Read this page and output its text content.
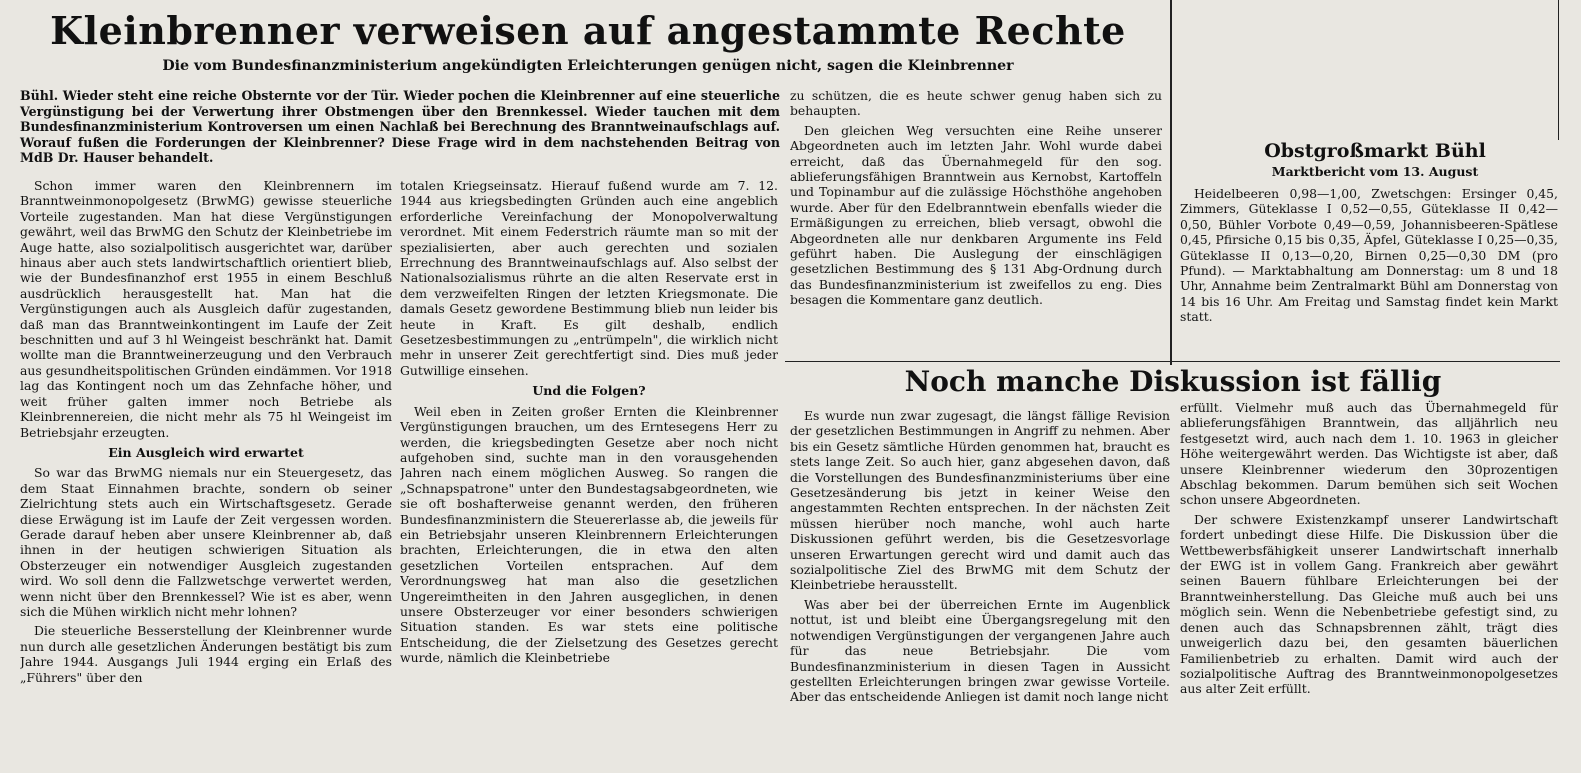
Kleinbrenner verweisen auf angestammte Rechte
Die vom Bundesfinanzministerium angekündigten Erleichterungen genügen nicht, sagen die Kleinbrenner
Bühl. Wieder steht eine reiche Obsternte vor der Tür. Wieder pochen die Kleinbrenner auf eine steuerliche Vergünstigung bei der Verwertung ihrer Obstmengen über den Brennkessel. Wieder tauchen mit dem Bundesfinanzministerium Kontroversen um einen Nachlaß bei Berechnung des Branntweinaufschlags auf. Worauf fußen die Forderungen der Kleinbrenner? Diese Frage wird in dem nachstehenden Beitrag von MdB Dr. Hauser behandelt.

Schon immer waren den Kleinbrennern im Branntweinmonopolgesetz (BrwMG) gewisse steuerliche Vorteile zugestanden. Man hat diese Vergünstigungen gewährt, weil das BrwMG den Schutz der Kleinbetriebe im Auge hatte, also sozialpolitisch ausgerichtet war, darüber hinaus aber auch stets landwirtschaftlich orientiert blieb, wie der Bundesfinanzhof erst 1955 in einem Beschluß ausdrücklich herausgestellt hat. Man hat die Vergünstigungen auch als Ausgleich dafür zugestanden, daß man das Branntweinkontingent im Laufe der Zeit beschnitten und auf 3 hl Weingeist beschränkt hat. Damit wollte man die Branntweinerzeugung und den Verbrauch aus gesundheitspolitischen Gründen eindämmen. Vor 1918 lag das Kontingent noch um das Zehnfache höher, und weit früher galten immer noch Betriebe als Kleinbrennereien, die nicht mehr als 75 hl Weingeist im Betriebsjahr erzeugten.

Ein Ausgleich wird erwartet

So war das BrwMG niemals nur ein Steuergesetz, das dem Staat Einnahmen brachte, sondern ob seiner Zielrichtung stets auch ein Wirtschaftsgesetz. Gerade diese Erwägung ist im Laufe der Zeit vergessen worden. Gerade darauf heben aber unsere Kleinbrenner ab, daß ihnen in der heutigen schwierigen Situation als Obsterzeuger ein notwendiger Ausgleich zugestanden wird. Wo soll denn die Fallzwetschge verwertet werden, wenn nicht über den Brennkessel? Wie ist es aber, wenn sich die Mühen wirklich nicht mehr lohnen?

Die steuerliche Besserstellung der Kleinbrenner wurde nun durch alle gesetzlichen Änderungen bestätigt bis zum Jahre 1944. Ausgangs Juli 1944 erging ein Erlaß des „Führers" über den

totalen Kriegseinsatz. Hierauf fußend wurde am 7. 12. 1944 aus kriegsbedingten Gründen auch eine angeblich erforderliche Vereinfachung der Monopolverwaltung verordnet. Mit einem Federstrich räumte man so mit der spezialisierten, aber auch gerechten und sozialen Errechnung des Branntweinaufschlags auf. Also selbst der Nationalsozialismus rührte an die alten Reservate erst in dem verzweifelten Ringen der letzten Kriegsmonate. Die damals Gesetz gewordene Bestimmung blieb nun leider bis heute in Kraft. Es gilt deshalb, endlich Gesetzesbestimmungen zu „entrümpeln", die wirklich nicht mehr in unserer Zeit gerechtfertigt sind. Dies muß jeder Gutwillige einsehen.

Und die Folgen?

Weil eben in Zeiten großer Ernten die Kleinbrenner Vergünstigungen brauchen, um des Erntesegens Herr zu werden, die kriegsbedingten Gesetze aber noch nicht aufgehoben sind, suchte man in den vorausgehenden Jahren nach einem möglichen Ausweg. So rangen die „Schnapspatrone" unter den Bundestagsabgeordneten, wie sie oft boshafterweise genannt werden, den früheren Bundesfinanzministern die Steuererlasse ab, die jeweils für ein Betriebsjahr unseren Kleinbrennern Erleichterungen brachten, Erleichterungen, die in etwa den alten gesetzlichen Vorteilen entsprachen. Auf dem Verordnungsweg hat man also die gesetzlichen Ungereimtheiten in den Jahren ausgeglichen, in denen unsere Obsterzeuger vor einer besonders schwierigen Situation standen. Es war stets eine politische Entscheidung, die der Zielsetzung des Gesetzes gerecht wurde, nämlich die Kleinbetriebe

zu schützen, die es heute schwer genug haben sich zu behaupten.

Den gleichen Weg versuchten eine Reihe unserer Abgeordneten auch im letzten Jahr. Wohl wurde dabei erreicht, daß das Übernahmegeld für den sog. ablieferungsfähigen Branntwein aus Kernobst, Kartoffeln und Topinambur auf die zulässige Höchsthöhe angehoben wurde. Aber für den Edelbranntwein ebenfalls wieder die Ermäßigungen zu erreichen, blieb versagt, obwohl die Abgeordneten alle nur denkbaren Argumente ins Feld geführt haben. Die Auslegung der einschlägigen gesetzlichen Bestimmung des § 131 Abg-Ordnung durch das Bundesfinanzministerium ist zweifellos zu eng. Dies besagen die Kommentare ganz deutlich.

Obstgroßmarkt Bühl
Marktbericht vom 13. August

Heidelbeeren 0,98—1,00, Zwetschgen: Ersinger 0,45, Zimmers, Güteklasse I 0,52—0,55, Güteklasse II 0,42—0,50, Bühler Vorbote 0,49—0,59, Johannisbeeren-Spätlese 0,45, Pfirsiche 0,15 bis 0,35, Äpfel, Güteklasse I 0,25—0,35, Güteklasse II 0,13—0,20, Birnen 0,25—0,30 DM (pro Pfund). — Marktabhaltung am Donnerstag: um 8 und 18 Uhr, Annahme beim Zentralmarkt Bühl am Donnerstag von 14 bis 16 Uhr. Am Freitag und Samstag findet kein Markt statt.

Noch manche Diskussion ist fällig

Es wurde nun zwar zugesagt, die längst fällige Revision der gesetzlichen Bestimmungen in Angriff zu nehmen. Aber bis ein Gesetz sämtliche Hürden genommen hat, braucht es stets lange Zeit. So auch hier, ganz abgesehen davon, daß die Vorstellungen des Bundesfinanzministeriums über eine Gesetzesänderung bis jetzt in keiner Weise den angestammten Rechten entsprechen. In der nächsten Zeit müssen hierüber noch manche, wohl auch harte Diskussionen geführt werden, bis die Gesetzesvorlage unseren Erwartungen gerecht wird und damit auch das sozialpolitische Ziel des BrwMG mit dem Schutz der Kleinbetriebe herausstellt.

Was aber bei der überreichen Ernte im Augenblick nottut, ist und bleibt eine Übergangsregelung mit den notwendigen Vergünstigungen der vergangenen Jahre auch für das neue Betriebsjahr. Die vom Bundesfinanzministerium in diesen Tagen in Aussicht gestellten Erleichterungen bringen zwar gewisse Vorteile. Aber das entscheidende Anliegen ist damit noch lange nicht

erfüllt. Vielmehr muß auch das Übernahmegeld für ablieferungsfähigen Branntwein, das alljährlich neu festgesetzt wird, auch nach dem 1. 10. 1963 in gleicher Höhe weitergewährt werden. Das Wichtigste ist aber, daß unsere Kleinbrenner wiederum den 30prozentigen Abschlag bekommen. Darum bemühen sich seit Wochen schon unsere Abgeordneten.

Der schwere Existenzkampf unserer Landwirtschaft fordert unbedingt diese Hilfe. Die Diskussion über die Wettbewerbsfähigkeit unserer Landwirtschaft innerhalb der EWG ist in vollem Gang. Frankreich aber gewährt seinen Bauern fühlbare Erleichterungen bei der Branntweinherstellung. Das Gleiche muß auch bei uns möglich sein. Wenn die Nebenbetriebe gefestigt sind, zu denen auch das Schnapsbrennen zählt, trägt dies unweigerlich dazu bei, den gesamten bäuerlichen Familienbetrieb zu erhalten. Damit wird auch der sozialpolitische Auftrag des Branntweinmonopolgesetzes aus alter Zeit erfüllt.
